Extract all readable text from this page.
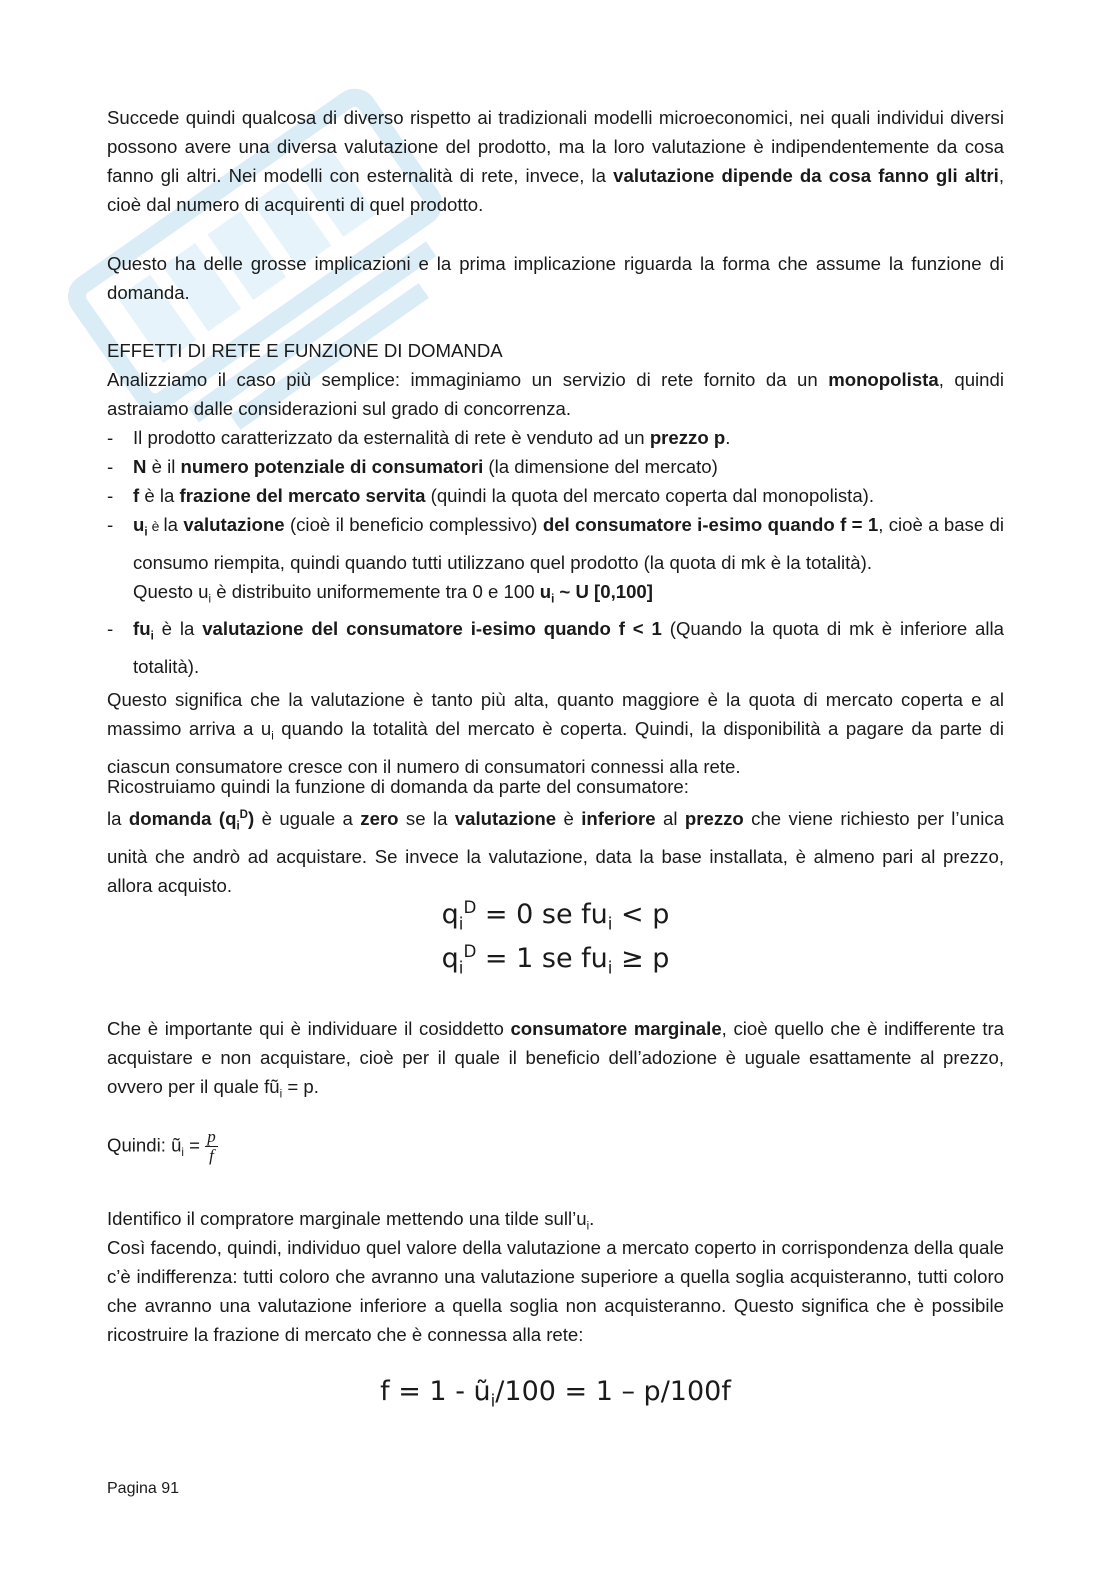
Succede quindi qualcosa di diverso rispetto ai tradizionali modelli microeconomici, nei quali individui diversi possono avere una diversa valutazione del prodotto, ma la loro valutazione è indipendentemente da cosa fanno gli altri. Nei modelli con esternalità di rete, invece, la valutazione dipende da cosa fanno gli altri, cioè dal numero di acquirenti di quel prodotto.

Questo ha delle grosse implicazioni e la prima implicazione riguarda la forma che assume la funzione di domanda.

EFFETTI DI RETE E FUNZIONE DI DOMANDA

Analizziamo il caso più semplice: immaginiamo un servizio di rete fornito da un monopolista, quindi astraiamo dalle considerazioni sul grado di concorrenza.

- Il prodotto caratterizzato da esternalità di rete è venduto ad un prezzo p.
- N è il numero potenziale di consumatori (la dimensione del mercato)
- f è la frazione del mercato servita (quindi la quota del mercato coperta dal monopolista).
- $u_i$ è la valutazione (cioè il beneficio complessivo) del consumatore i-esimo quando f = 1, cioè a base di consumo riempita, quindi quando tutti utilizzano quel prodotto (la quota di mk è la totalità).
Questo $u_i$ è distribuito uniformemente tra 0 e 100 $u_i$ ~ U [0,100]
- $fu_i$ è la valutazione del consumatore i-esimo quando f < 1 (Quando la quota di mk è inferiore alla totalità).

Questo significa che la valutazione è tanto più alta, quanto maggiore è la quota di mercato coperta e al massimo arriva a $u_i$ quando la totalità del mercato è coperta. Quindi, la disponibilità a pagare da parte di ciascun consumatore cresce con il numero di consumatori connessi alla rete.

Ricostruiamo quindi la funzione di domanda da parte del consumatore:

la domanda $(q_i^D)$ è uguale a zero se la valutazione è inferiore al prezzo che viene richiesto per l’unica unità che andrò ad acquistare. Se invece la valutazione, data la base installata, è almeno pari al prezzo, allora acquisto.

$q_i^D = 0$ se $fu_i < p$
$q_i^D = 1$ se $fu_i \ge p$

Che è importante qui è individuare il cosiddetto consumatore marginale, cioè quello che è indifferente tra acquistare e non acquistare, cioè per il quale il beneficio dell’adozione è uguale esattamente al prezzo, ovvero per il quale $fũ_i = p$.

Quindi: $ũ_i = \frac{p}{f}$

Identifico il compratore marginale mettendo una tilde $sull’u_i$.

Così facendo, quindi, individuo quel valore della valutazione a mercato coperto in corrispondenza della quale c’è indifferenza: tutti coloro che avranno una valutazione superiore a quella soglia acquisteranno, tutti coloro che avranno una valutazione inferiore a quella soglia non acquisteranno. Questo significa che è possibile ricostruire la frazione di mercato che è connessa alla rete:

$f = 1 - ũ_i/100 = 1 - p/100f$
Pagina 91
